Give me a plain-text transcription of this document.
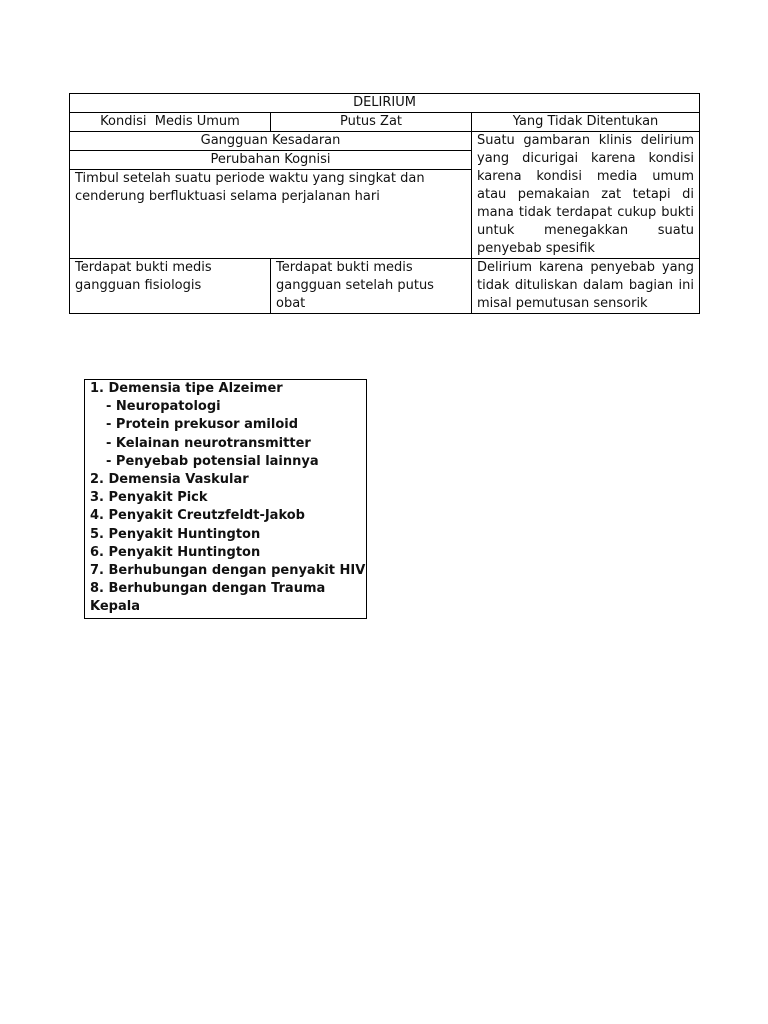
DELIRIUM		
Kondisi  Medis Umum	Putus Zat	Yang Tidak Ditentukan
Gangguan Kesadaran		Suatu gambaran klinis delirium yang dicurigai karena kondisi karena kondisi media umum atau pemakaian zat tetapi di mana tidak terdapat cukup bukti untuk menegakkan suatu penyebab spesifik
Perubahan Kognisi		
Timbul setelah suatu periode waktu yang singkat dan cenderung berfluktuasi selama perjalanan hari		
Terdapat bukti medis gangguan fisiologis	Terdapat bukti medis gangguan setelah putus obat	Delirium karena penyebab yang tidak dituliskan dalam bagian ini misal pemutusan sensorik
1. Demensia tipe Alzeimer
- Neuropatologi
- Protein prekusor amiloid
- Kelainan neurotransmitter
- Penyebab potensial lainnya
2. Demensia Vaskular
3. Penyakit Pick
4. Penyakit Creutzfeldt-Jakob
5. Penyakit Huntington
6. Penyakit Huntington
7. Berhubungan dengan penyakit HIV
8. Berhubungan dengan Trauma Kepala
